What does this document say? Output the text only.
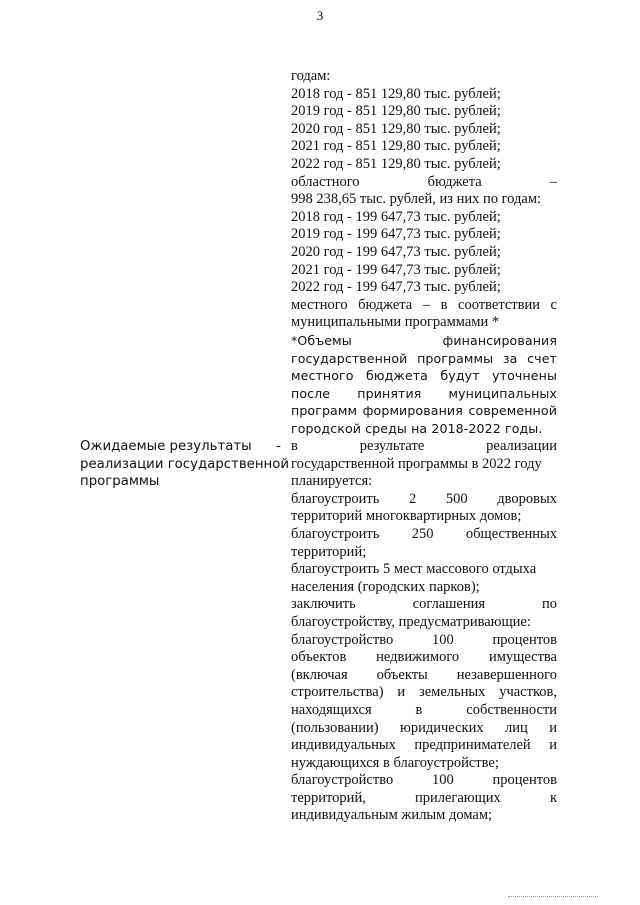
3
годам:
2018 год - 851 129,80 тыс. рублей;
2019 год - 851 129,80 тыс. рублей;
2020 год - 851 129,80 тыс. рублей;
2021 год - 851 129,80 тыс. рублей;
2022 год - 851 129,80 тыс. рублей;
областного бюджета –
998 238,65 тыс. рублей, из них по годам:
2018 год - 199 647,73 тыс. рублей;
2019 год - 199 647,73 тыс. рублей;
2020 год - 199 647,73 тыс. рублей;
2021 год - 199 647,73 тыс. рублей;
2022 год - 199 647,73 тыс. рублей;
местного бюджета – в соответствии с
муниципальными программами *
*Объемы финансирования
государственной программы за счет
местного бюджета будут уточнены
после принятия муниципальных
программ формирования современной
городской среды на 2018-2022 годы.
Ожидаемые результаты
реализации государственной
программы
- в результате реализации
государственной программы в 2022 году
планируется:
благоустроить 2 500 дворовых
территорий многоквартирных домов;
благоустроить 250 общественных
территорий;
благоустроить 5 мест массового отдыха
населения (городских парков);
заключить соглашения по
благоустройству, предусматривающие:
благоустройство 100 процентов
объектов недвижимого имущества
(включая объекты незавершенного
строительства) и земельных участков,
находящихся в собственности
(пользовании) юридических лиц и
индивидуальных предпринимателей и
нуждающихся в благоустройстве;
благоустройство 100 процентов
территорий, прилегающих к
индивидуальным жилым домам;
